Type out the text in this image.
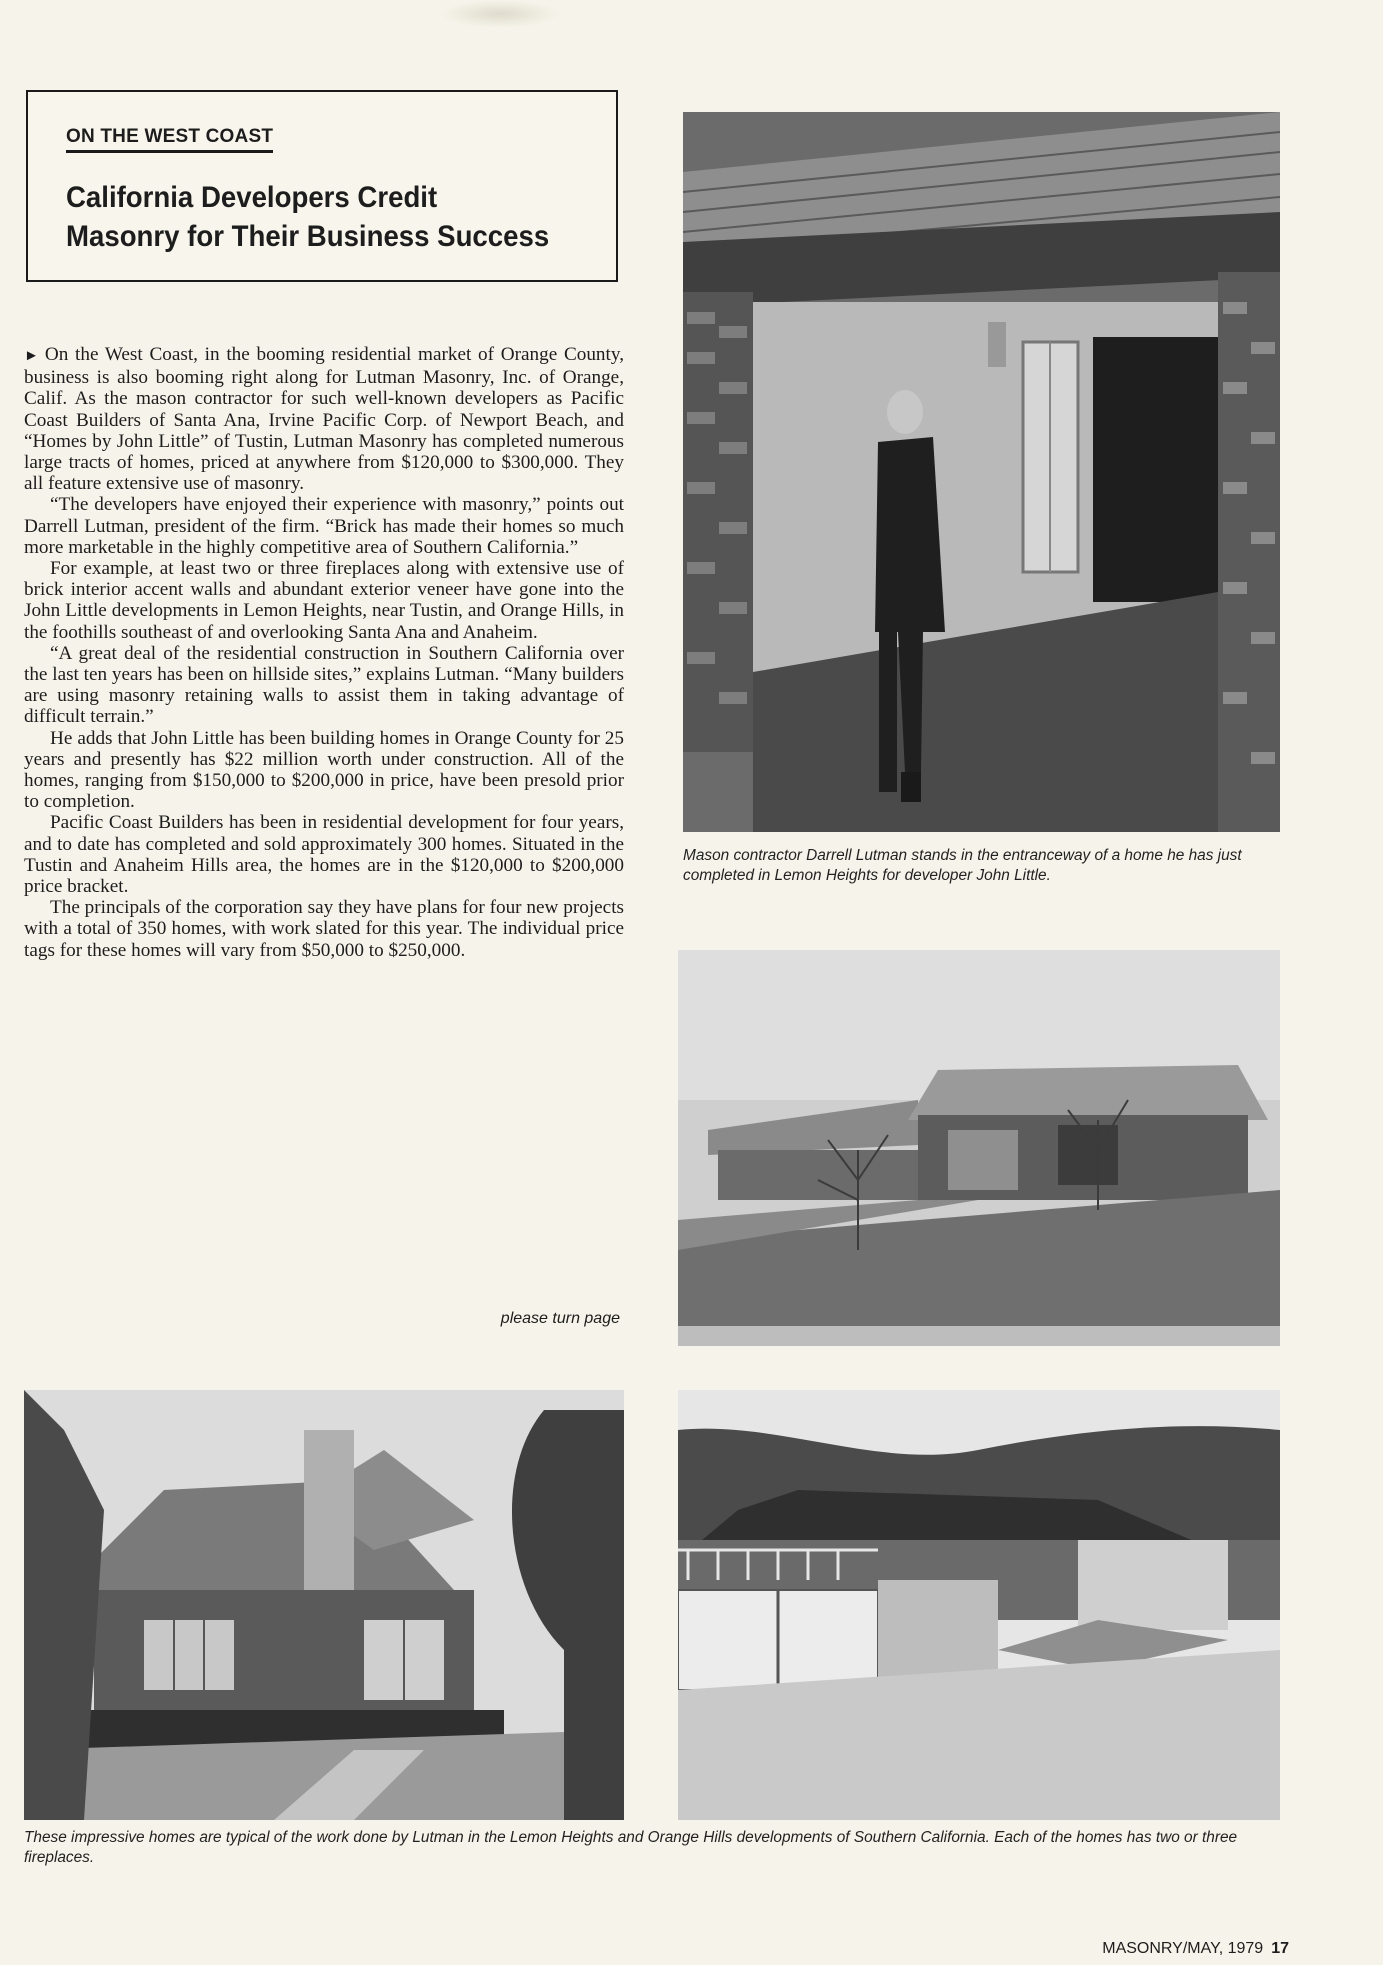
ON THE WEST COAST
California Developers Credit
Masonry for Their Business Success

► On the West Coast, in the booming residential market of Orange County, business is also booming right along for Lutman Masonry, Inc. of Orange, Calif. As the mason contractor for such well-known developers as Pacific Coast Builders of Santa Ana, Irvine Pacific Corp. of Newport Beach, and “Homes by John Little” of Tustin, Lutman Masonry has completed numerous large tracts of homes, priced at anywhere from $120,000 to $300,000. They all feature extensive use of masonry.

“The developers have enjoyed their experience with masonry,” points out Darrell Lutman, president of the firm. “Brick has made their homes so much more marketable in the highly competitive area of Southern California.”

For example, at least two or three fireplaces along with extensive use of brick interior accent walls and abundant exterior veneer have gone into the John Little developments in Lemon Heights, near Tustin, and Orange Hills, in the foothills southeast of and overlooking Santa Ana and Anaheim.

“A great deal of the residential construction in Southern California over the last ten years has been on hillside sites,” explains Lutman. “Many builders are using masonry retaining walls to assist them in taking advantage of difficult terrain.”

He adds that John Little has been building homes in Orange County for 25 years and presently has $22 million worth under construction. All of the homes, ranging from $150,000 to $200,000 in price, have been presold prior to completion.

Pacific Coast Builders has been in residential development for four years, and to date has completed and sold approximately 300 homes. Situated in the Tustin and Anaheim Hills area, the homes are in the $120,000 to $200,000 price bracket.

The principals of the corporation say they have plans for four new projects with a total of 350 homes, with work slated for this year. The individual price tags for these homes will vary from $50,000 to $250,000.

please turn page
Mason contractor Darrell Lutman stands in the entranceway of a home he has just completed in Lemon Heights for developer John Little.
These impressive homes are typical of the work done by Lutman in the Lemon Heights and Orange Hills developments of Southern California. Each of the homes has two or three fireplaces.
MASONRY/MAY, 1979 17
